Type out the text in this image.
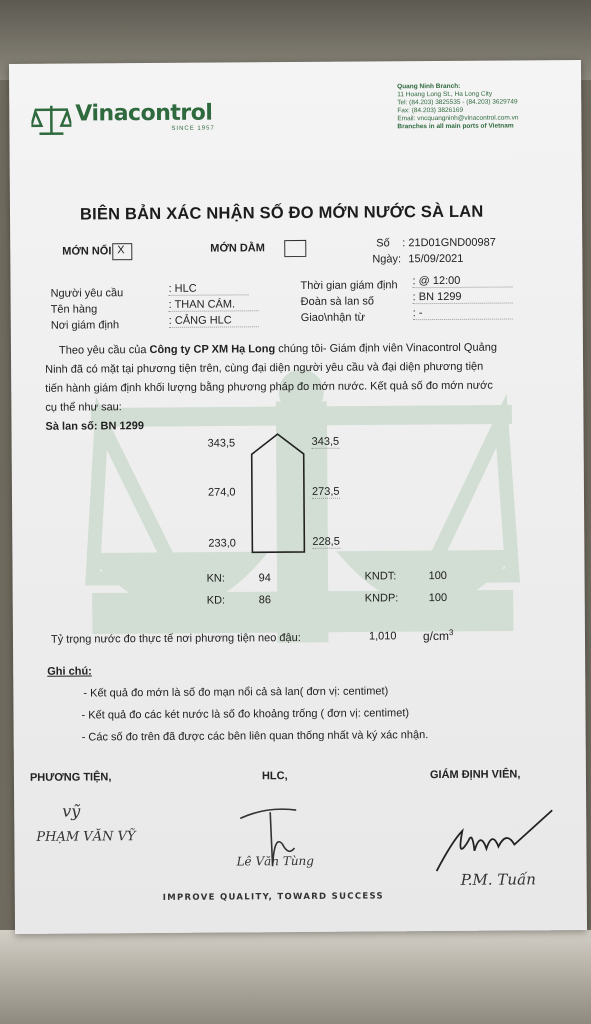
Vinacontrol
SINCE 1957
Quang Ninh Branch:
11 Hoang Long St., Ha Long City
Tel: (84.203) 3825535 - (84.203) 3629749
Fax: (84.203) 3826169
Email: vncquangninh@vinacontrol.com.vn
Branches in all main ports of Vietnam
BIÊN BẢN XÁC NHẬN SỐ ĐO MỚN NƯỚC SÀ LAN
MỚN NỔI X	MỚN DẰM	Số : 21D01GND00987
Ngày: 15/09/2021
Người yêu cầu	: HLC
Tên hàng	: THAN CÁM.
Nơi giám định	: CẢNG HLC
Thời gian giám định : @ 12:00
Đoàn sà lan số	: BN 1299
Giao\nhận từ	: -
Theo yêu cầu của Công ty CP XM Hạ Long chúng tôi- Giám định viên Vinacontrol Quảng
Ninh đã có mặt tại phương tiện trên, cùng đại diện người yêu cầu và đại diện phương tiện
tiến hành giám định khối lượng bằng phương pháp đo mớn nước. Kết quả số đo mớn nước
cụ thể như sau:
Sà lan số: BN 1299
343,5
274,0
233,0
343,5
273,5
228,5
KN:	94
KD:	86
KNDT:	100
KNDP:	100
Tỷ trọng nước đo thực tế nơi phương tiện neo đậu:	1,010 $g/cm^3$
Ghi chú:
- Kết quả đo mớn là số đo mạn nổi cả sà lan( đơn vị: centimet)
- Kết quả đo các két nước là số đo khoảng trống ( đơn vị: centimet)
- Các số đo trên đã được các bên liên quan thống nhất và ký xác nhận.
PHƯƠNG TIỆN,	HLC,	GIÁM ĐỊNH VIÊN,
vỹ
PHẠM VĂN VỸ
Lê Văn Tùng
P.M. Tuấn
IMPROVE QUALITY, TOWARD SUCCESS
